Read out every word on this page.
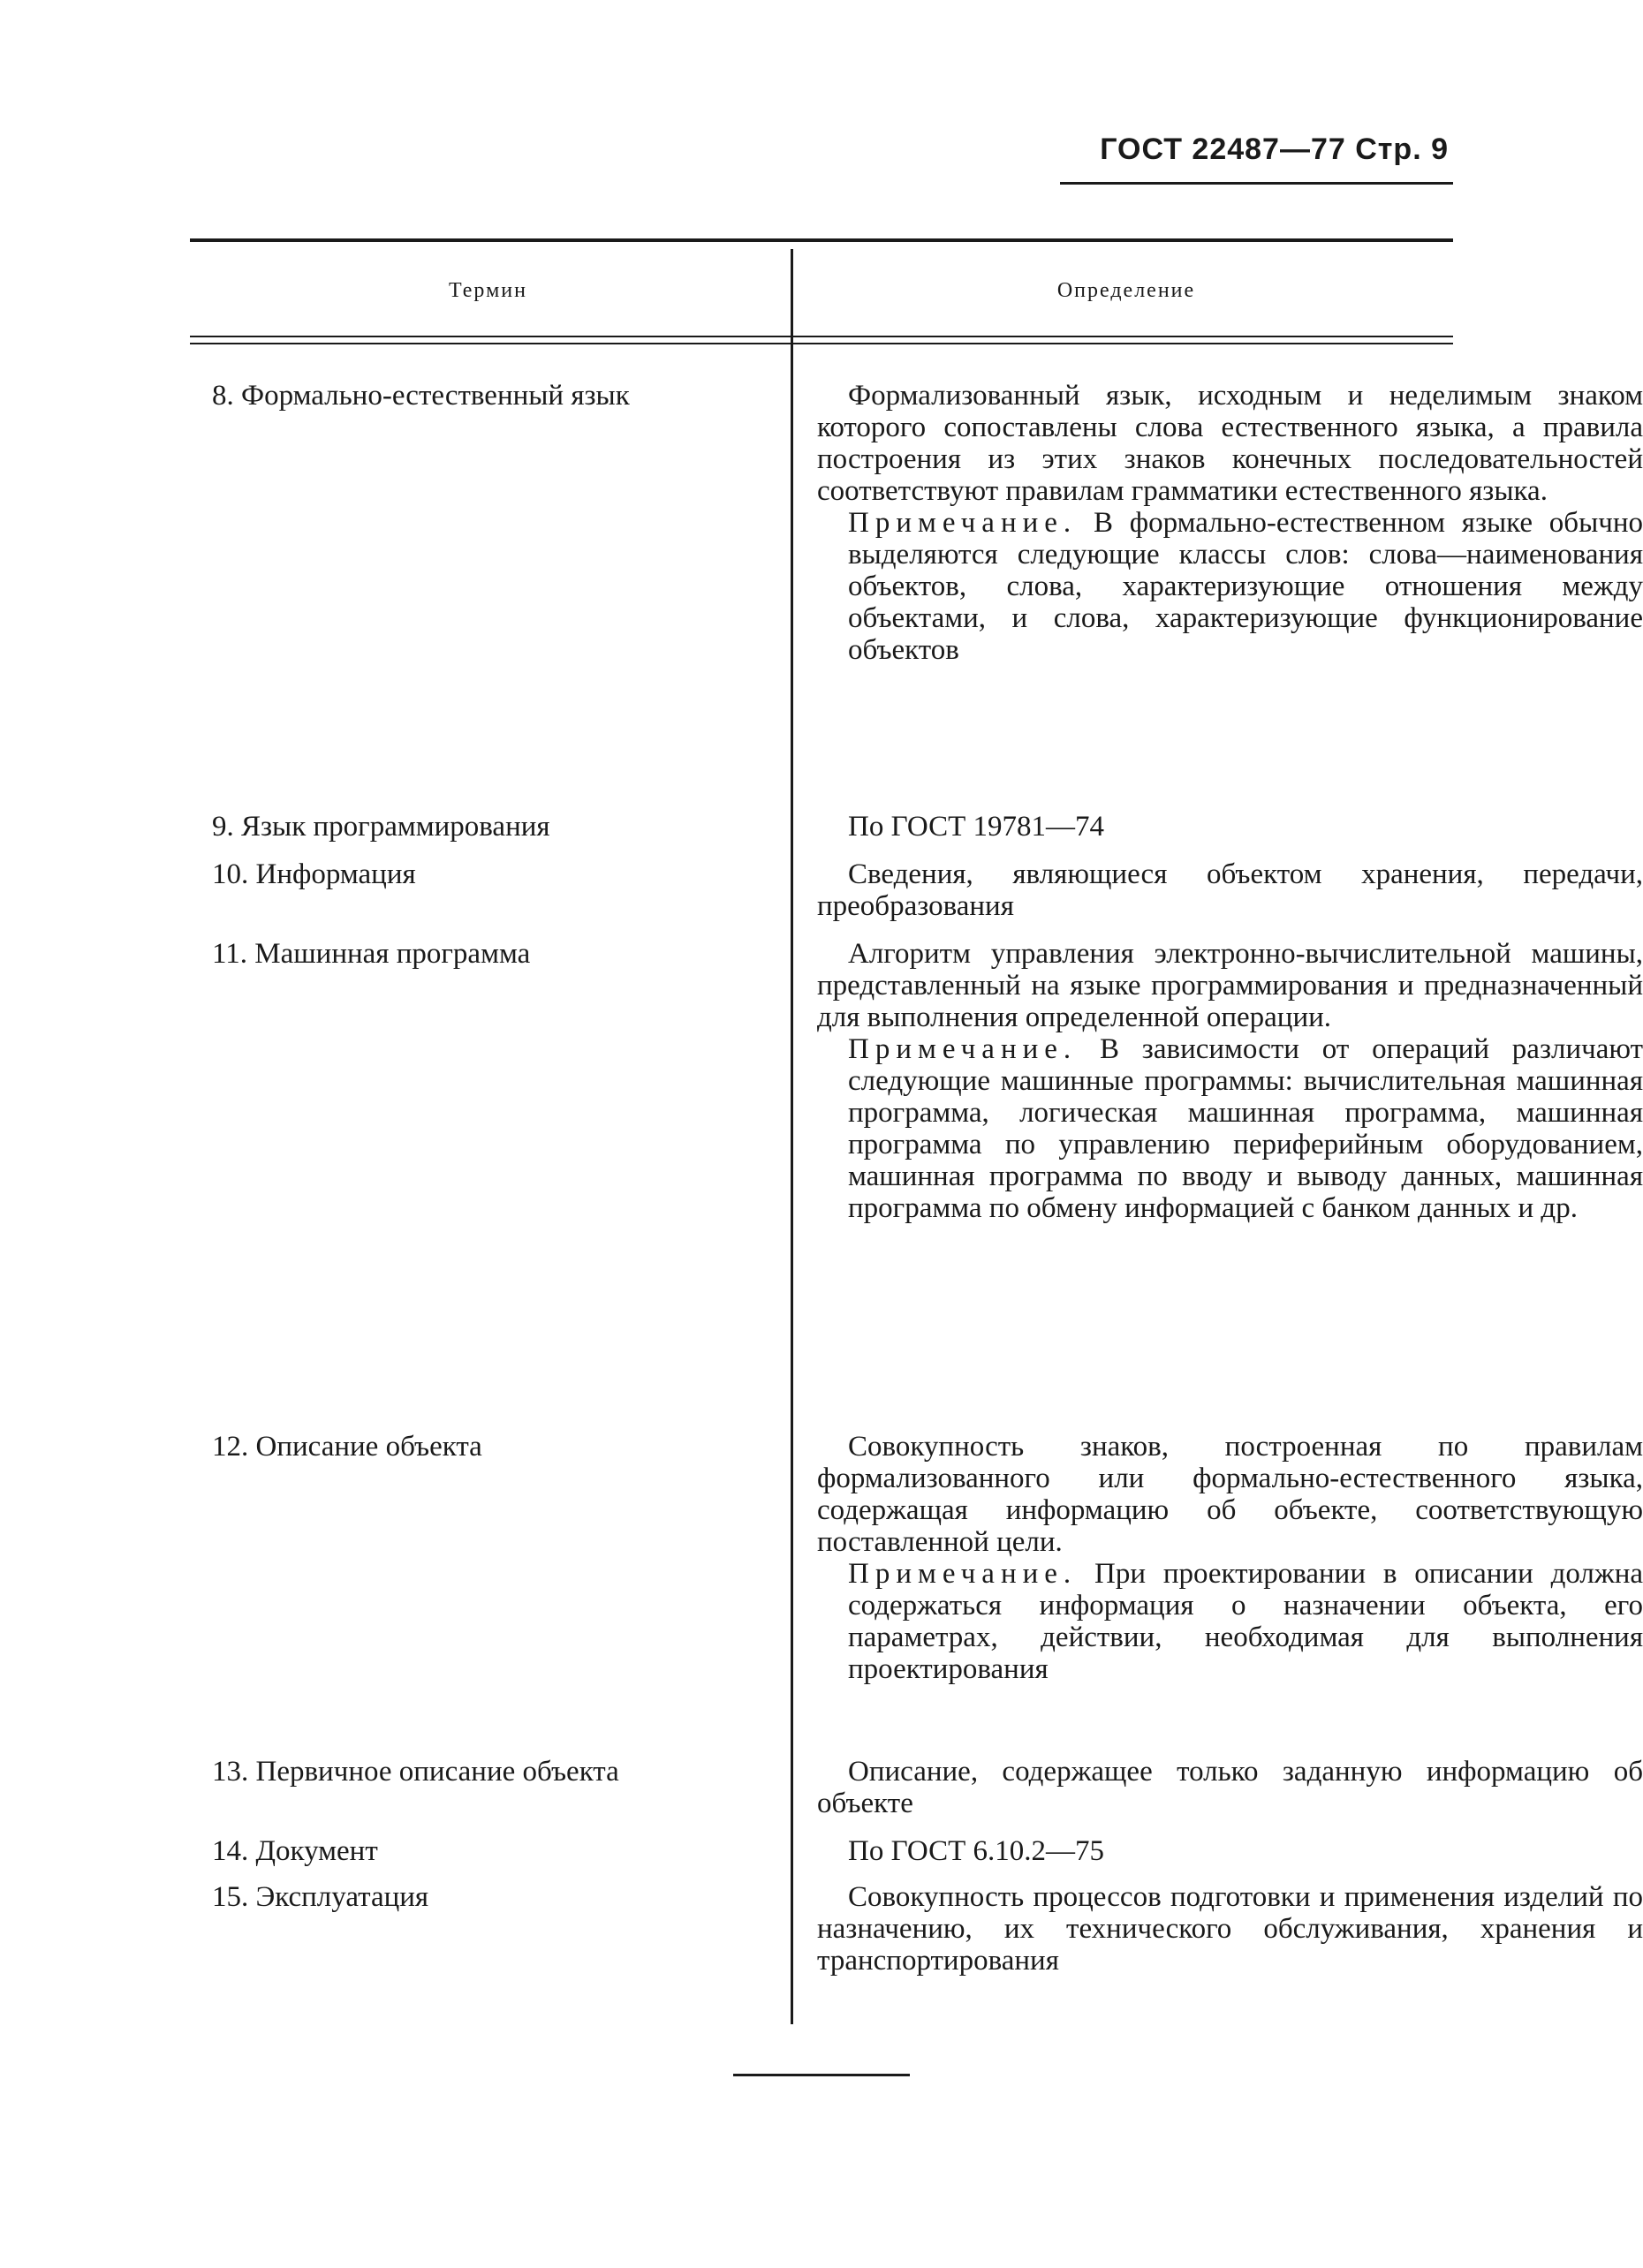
ГОСТ 22487—77 Стр. 9
Термин	Определение
8. Формально-естественный язык	Формализованный язык, исходным и неделимым знаком которого сопоставлены слова естественного языка, а правила построения из этих знаков конечных последовательностей соответствуют правилам грамматики естественного языка.

Примечание. В формально-естественном языке обычно выделяются следующие классы слов: слова—наименования объектов, слова, характеризующие отношения между объектами, и слова, характеризующие функционирование объектов

9. Язык программирования	По ГОСТ 19781—74

10. Информация	Сведения, являющиеся объектом хранения, передачи, преобразования

11. Машинная программа	Алгоритм управления электронно-вычислительной машины, представленный на языке программирования и предназначенный для выполнения определенной операции.

Примечание. В зависимости от операций различают следующие машинные программы: вычислительная машинная программа, логическая машинная программа, машинная программа по управлению периферийным оборудованием, машинная программа по вводу и выводу данных, машинная программа по обмену информацией с банком данных и др.

12. Описание объекта	Совокупность знаков, построенная по правилам формализованного или формально-естественного языка, содержащая информацию об объекте, соответствующую поставленной цели.

Примечание. При проектировании в описании должна содержаться информация о назначении объекта, его параметрах, действии, необходимая для выполнения проектирования

13. Первичное описание объекта	Описание, содержащее только заданную информацию об объекте

14. Документ	По ГОСТ 6.10.2—75

15. Эксплуатация	Совокупность процессов подготовки и применения изделий по назначению, их технического обслуживания, хранения и транспортирования
